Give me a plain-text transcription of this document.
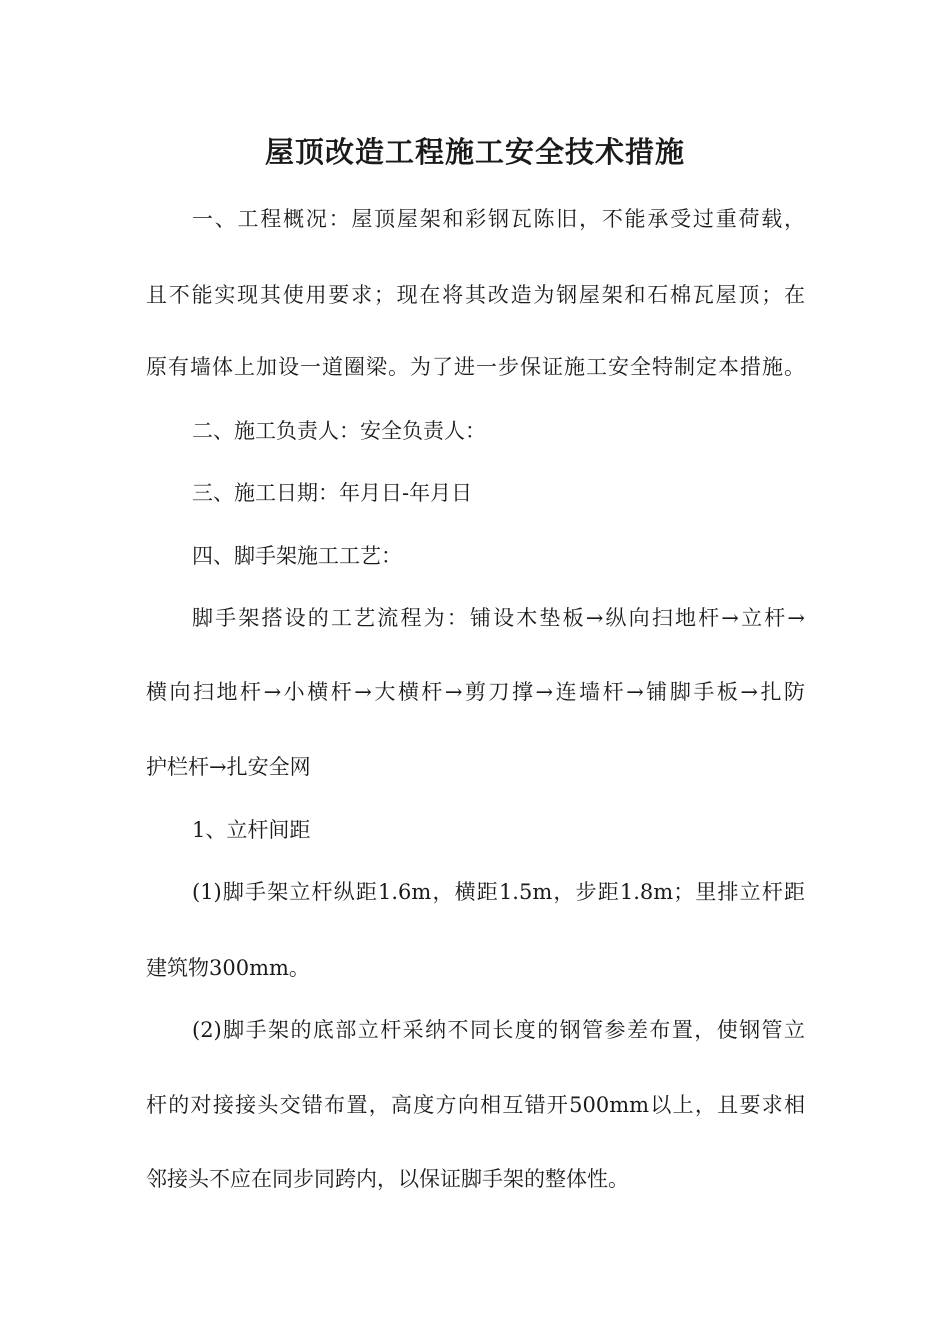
屋顶改造工程施工安全技术措施
一、工程概况：屋顶屋架和彩钢瓦陈旧，不能承受过重荷载，
且不能实现其使用要求；现在将其改造为钢屋架和石棉瓦屋顶；在
原有墙体上加设一道圈梁。为了进一步保证施工安全特制定本措施。
二、施工负责人：安全负责人：
三、施工日期：年月日-年月日
四、脚手架施工工艺：
脚手架搭设的工艺流程为：铺设木垫板→纵向扫地杆→立杆→
横向扫地杆→小横杆→大横杆→剪刀撑→连墙杆→铺脚手板→扎防
护栏杆→扎安全网
1、立杆间距
(1)脚手架立杆纵距1.6m，横距1.5m，步距1.8m；里排立杆距
建筑物300mm。
(2)脚手架的底部立杆采纳不同长度的钢管参差布置，使钢管立
杆的对接接头交错布置，高度方向相互错开500mm以上，且要求相
邻接头不应在同步同跨内，以保证脚手架的整体性。
